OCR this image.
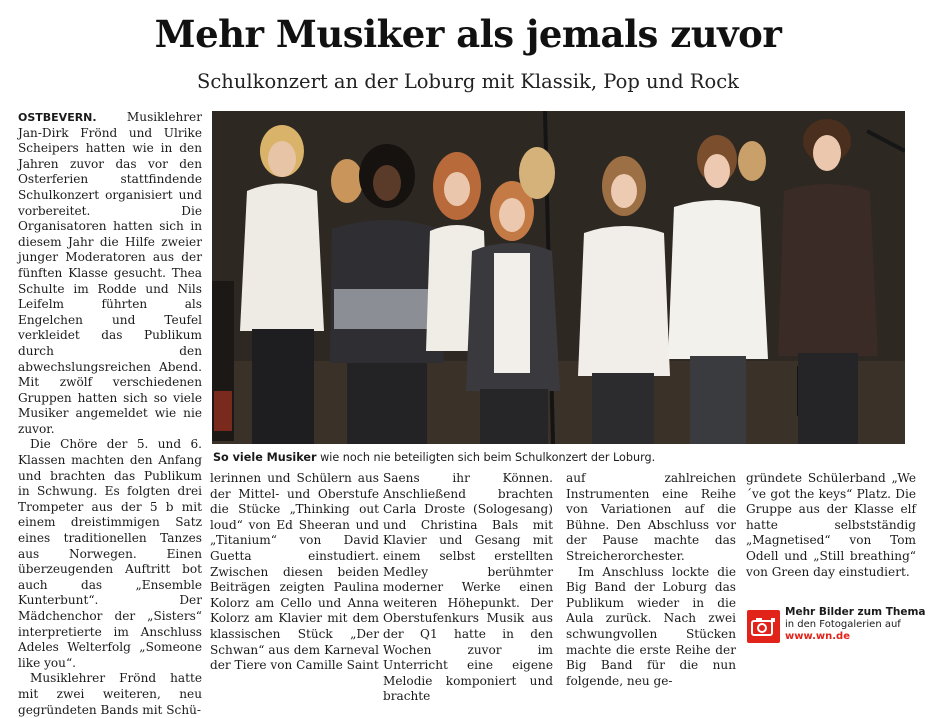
Mehr Musiker als jemals zuvor
Schulkonzert an der Loburg mit Klassik, Pop und Rock

OSTBEVERN.	Musiklehrer Jan-Dirk Frönd und Ulrike Scheipers hatten wie in den Jahren zuvor das vor den Osterferien stattfindende Schulkonzert organisiert und vorbereitet. Die Organisatoren hatten sich in diesem Jahr die Hilfe zweier junger Moderatoren aus der fünften Klasse gesucht. Thea Schulte im Rodde und Nils Leifelm führten als Engelchen und Teufel verkleidet das Publikum durch den abwechslungsreichen Abend. Mit zwölf verschiedenen Gruppen hatten sich so viele Musiker angemeldet wie nie zuvor.

Die Chöre der 5. und 6. Klassen machten den Anfang und brachten das Publikum in Schwung. Es folgten drei Trompeter aus der 5 b mit einem dreistimmigen Satz eines traditionellen Tanzes aus Norwegen. Einen überzeugenden Auftritt bot auch das „Ensemble Kunterbunt“. Der Mädchenchor der „Sisters“ interpretierte im Anschluss Adeles Welterfolg „Someone like you“.

Musiklehrer Frönd hatte mit zwei weiteren, neu gegründeten Bands mit Schü-

So viele Musiker wie noch nie beteiligten sich beim Schulkonzert der Loburg.

lerinnen und Schülern aus der Mittel- und Oberstufe die Stücke „Thinking out loud“ von Ed Sheeran und „Titanium“ von David Guetta einstudiert. Zwischen diesen beiden Beiträgen zeigten Paulina Kolorz am Cello und Anna Kolorz am Klavier mit dem klassischen Stück „Der Schwan“ aus dem Karneval der Tiere von Camille Saint

Saens ihr Können. Anschließend brachten Carla Droste (Sologesang) und Christina Bals mit Klavier und Gesang mit einem selbst erstellten Medley berühmter moderner Werke einen weiteren Höhepunkt. Der Oberstufenkurs Musik aus der Q1 hatte in den Wochen zuvor im Unterricht eine eigene Melodie komponiert und brachte

auf zahlreichen Instrumenten eine Reihe von Variationen auf die Bühne. Den Abschluss vor der Pause machte das Streicherorchester.

Im Anschluss lockte die Big Band der Loburg das Publikum wieder in die Aula zurück. Nach zwei schwungvollen Stücken machte die erste Reihe der Big Band für die nun folgende, neu ge-

gründete Schülerband „We´ve got the keys“ Platz. Die Gruppe aus der Klasse elf hatte selbstständig „Magnetised“ von Tom Odell und „Still breathing“ von Green day einstudiert.

Mehr Bilder zum Thema
in den Fotogalerien auf
www.wn.de
